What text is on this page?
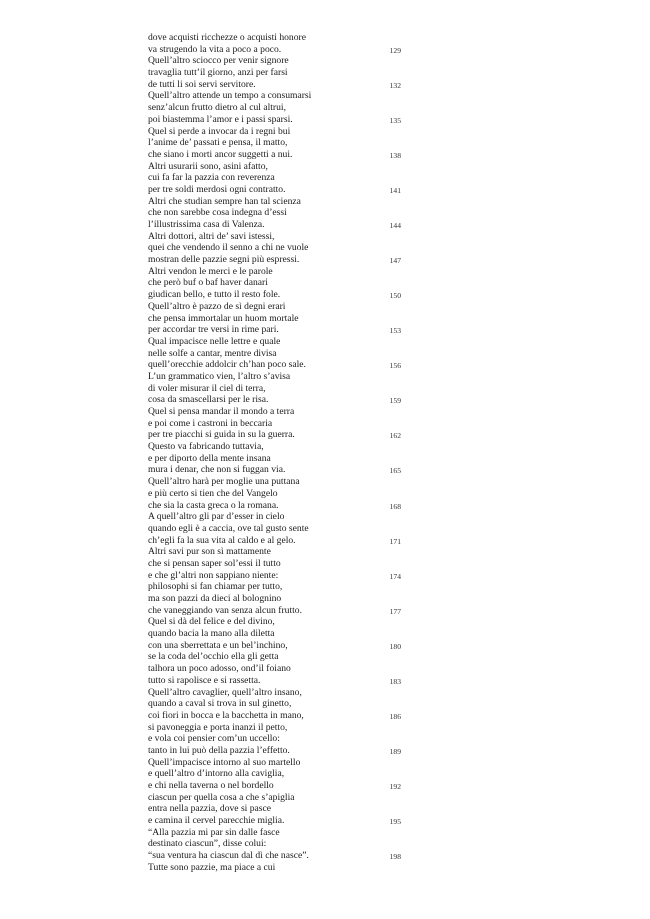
dove acquisti ricchezze o acquisti honore
va strugendo la vita a poco a poco.	129
Quell’altro sciocco per venir signore
travaglia tutt’il giorno, anzi per farsi
de tutti li soi servi servitore.	132
Quell’altro attende un tempo a consumarsi
senz’alcun frutto dietro al cul altrui,
poi biastemma l’amor e i passi sparsi.	135
Quel si perde a invocar da i regni bui
l’anime de’ passati e pensa, il matto,
che siano i morti ancor suggetti a nui.	138
Altri usurarii sono, asini afatto,
cui fa far la pazzia con reverenza
per tre soldi merdosi ogni contratto.	141
Altri che studian sempre han tal scienza
che non sarebbe cosa indegna d’essi
l’illustrissima casa di Valenza.	144
Altri dottori, altri de’ savi istessi,
quei che vendendo il senno a chi ne vuole
mostran delle pazzie segni più espressi.	147
Altri vendon le merci e le parole
che però buf o baf haver danari
giudican bello, e tutto il resto fole.	150
Quell’altro è pazzo de sì degni erari
che pensa immortalar un huom mortale
per accordar tre versi in rime pari.	153
Qual impacisce nelle lettre e quale
nelle solfe a cantar, mentre divisa
quell’orecchie addolcir ch’han poco sale.	156
L’un grammatico vien, l’altro s’avisa
di voler misurar il ciel di terra,
cosa da smascellarsi per le risa.	159
Quel si pensa mandar il mondo a terra
e poi come i castroni in beccaria
per tre piacchi si guida in su la guerra.	162
Questo va fabricando tuttavia,
e per diporto della mente insana
mura i denar, che non si fuggan via.	165
Quell’altro harà per moglie una puttana
e più certo si tien che del Vangelo
che sia la casta greca o la romana.	168
A quell’altro gli par d’esser in cielo
quando egli è a caccia, ove tal gusto sente
ch’egli fa la sua vita al caldo e al gelo.	171
Altri savi pur son sì mattamente
che si pensan saper sol’essi il tutto
e che gl’altri non sappiano niente:	174
philosophi si fan chiamar per tutto,
ma son pazzi da dieci al bolognino
che vaneggiando van senza alcun frutto.	177
Quel si dà del felice e del divino,
quando bacia la mano alla diletta
con una sberrettata e un bel’inchino,	180
se la coda del’occhio ella gli getta
talhora un poco adosso, ond’il foiano
tutto si rapolisce e si rassetta.	183
Quell’altro cavaglier, quell’altro insano,
quando a caval si trova in sul ginetto,
coi fiori in bocca e la bacchetta in mano,	186
si pavoneggia e porta inanzi il petto,
e vola coi pensier com’un uccello:
tanto in lui può della pazzia l’effetto.	189
Quell’impacisce intorno al suo martello
e quell’altro d’intorno alla caviglia,
e chi nella taverna o nel bordello	192
ciascun per quella cosa a che s’apiglia
entra nella pazzia, dove si pasce
e camina il cervel parecchie miglia.	195
“Alla pazzia mi par sin dalle fasce
destinato ciascun”, disse colui:
“sua ventura ha ciascun dal dì che nasce”.	198
Tutte sono pazzie, ma piace a cui
